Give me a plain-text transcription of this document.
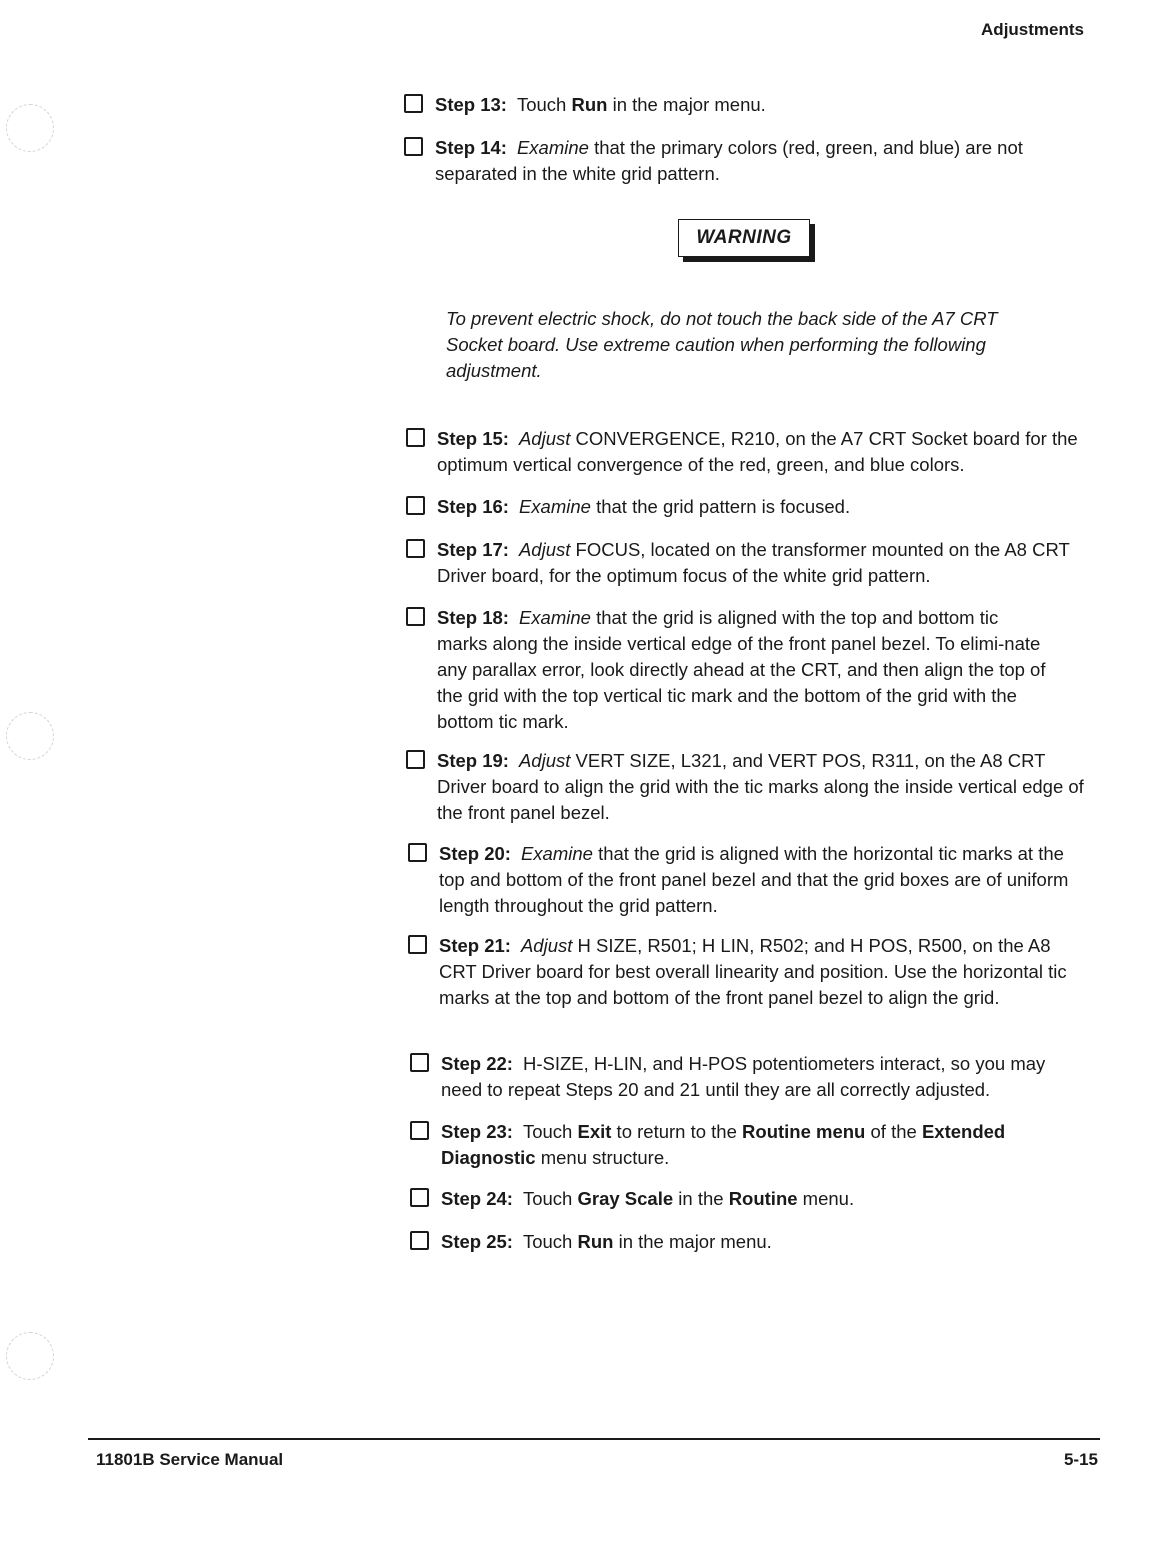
Adjustments
Step 13: Touch Run in the major menu.
Step 14: Examine that the primary colors (red, green, and blue) are not separated in the white grid pattern.
WARNING
To prevent electric shock, do not touch the back side of the A7 CRT Socket board. Use extreme caution when performing the following adjustment.
Step 15: Adjust CONVERGENCE, R210, on the A7 CRT Socket board for the optimum vertical convergence of the red, green, and blue colors.
Step 16: Examine that the grid pattern is focused.
Step 17: Adjust FOCUS, located on the transformer mounted on the A8 CRT Driver board, for the optimum focus of the white grid pattern.
Step 18: Examine that the grid is aligned with the top and bottom tic marks along the inside vertical edge of the front panel bezel. To elimi-nate any parallax error, look directly ahead at the CRT, and then align the top of the grid with the top vertical tic mark and the bottom of the grid with the bottom tic mark.
Step 19: Adjust VERT SIZE, L321, and VERT POS, R311, on the A8 CRT Driver board to align the grid with the tic marks along the inside vertical edge of the front panel bezel.
Step 20: Examine that the grid is aligned with the horizontal tic marks at the top and bottom of the front panel bezel and that the grid boxes are of uniform length throughout the grid pattern.
Step 21: Adjust H SIZE, R501; H LIN, R502; and H POS, R500, on the A8 CRT Driver board for best overall linearity and position. Use the horizontal tic marks at the top and bottom of the front panel bezel to align the grid.
Step 22: H-SIZE, H-LIN, and H-POS potentiometers interact, so you may need to repeat Steps 20 and 21 until they are all correctly adjusted.
Step 23: Touch Exit to return to the Routine menu of the Extended Diagnostic menu structure.
Step 24: Touch Gray Scale in the Routine menu.
Step 25: Touch Run in the major menu.
11801B Service Manual	5-15
